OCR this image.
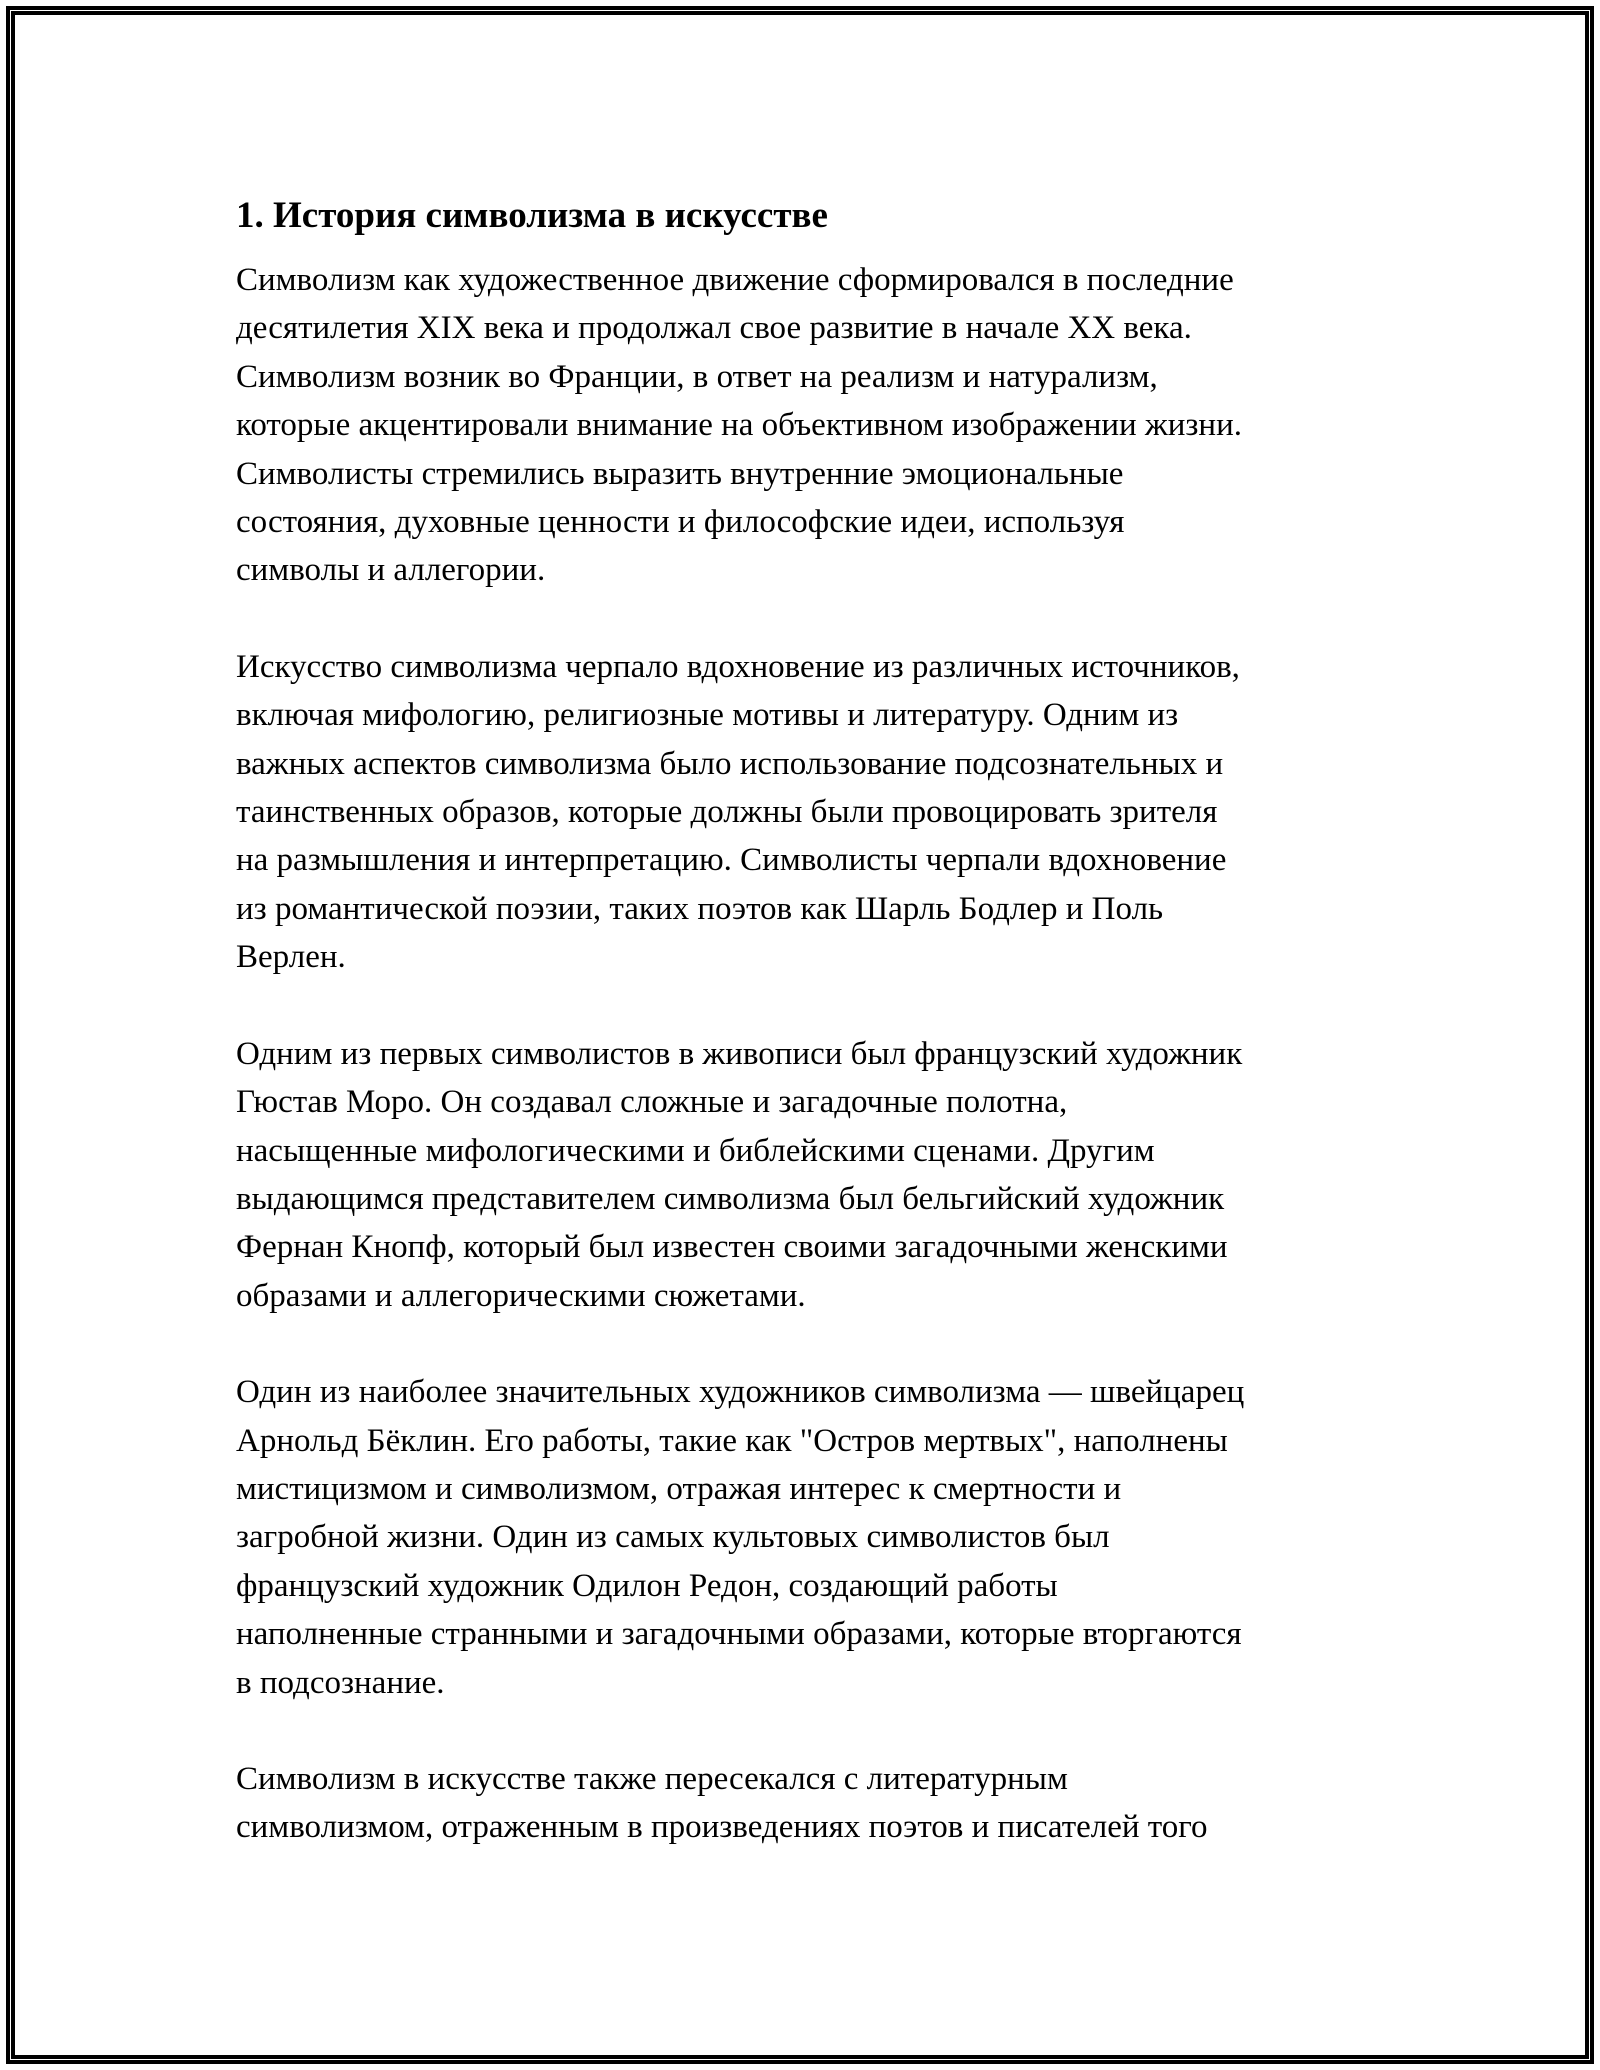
1. История символизма в искусстве

Символизм как художественное движение сформировался в последние
десятилетия XIX века и продолжал свое развитие в начале XX века.
Символизм возник во Франции, в ответ на реализм и натурализм,
которые акцентировали внимание на объективном изображении жизни.
Символисты стремились выразить внутренние эмоциональные
состояния, духовные ценности и философские идеи, используя
символы и аллегории.

Искусство символизма черпало вдохновение из различных источников,
включая мифологию, религиозные мотивы и литературу. Одним из
важных аспектов символизма было использование подсознательных и
таинственных образов, которые должны были провоцировать зрителя
на размышления и интерпретацию. Символисты черпали вдохновение
из романтической поэзии, таких поэтов как Шарль Бодлер и Поль
Верлен.

Одним из первых символистов в живописи был французский художник
Гюстав Моро. Он создавал сложные и загадочные полотна,
насыщенные мифологическими и библейскими сценами. Другим
выдающимся представителем символизма был бельгийский художник
Фернан Кнопф, который был известен своими загадочными женскими
образами и аллегорическими сюжетами.

Один из наиболее значительных художников символизма — швейцарец
Арнольд Бёклин. Его работы, такие как "Остров мертвых", наполнены
мистицизмом и символизмом, отражая интерес к смертности и
загробной жизни. Один из самых культовых символистов был
французский художник Одилон Редон, создающий работы
наполненные странными и загадочными образами, которые вторгаются
в подсознание.

Символизм в искусстве также пересекался с литературным
символизмом, отраженным в произведениях поэтов и писателей того
